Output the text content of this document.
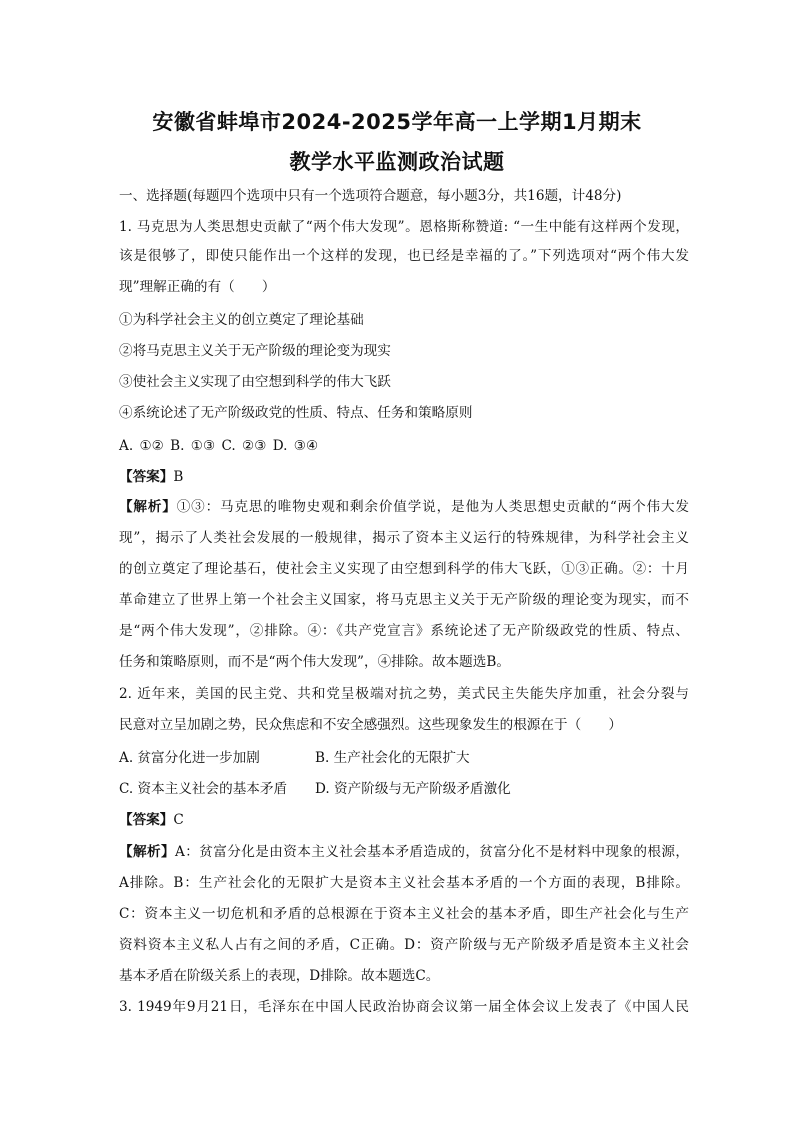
安徽省蚌埠市2024-2025学年高一上学期1月期末
教学水平监测政治试题
一、选择题(每题四个选项中只有一个选项符合题意，每小题3分，共16题，计48分)
1. 马克思为人类思想史贡献了“两个伟大发现”。恩格斯称赞道: “一生中能有这样两个发现，
该是很够了，即使只能作出一个这样的发现，也已经是幸福的了。”下列选项对“两个伟大发
现”理解正确的有（　　）
①为科学社会主义的创立奠定了理论基础
②将马克思主义关于无产阶级的理论变为现实
③使社会主义实现了由空想到科学的伟大飞跃
④系统论述了无产阶级政党的性质、特点、任务和策略原则
A. ①② B. ①③ C. ②③ D. ③④
【答案】B
【解析】①③：马克思的唯物史观和剩余价值学说，是他为人类思想史贡献的“两个伟大发
现”，揭示了人类社会发展的一般规律，揭示了资本主义运行的特殊规律，为科学社会主义
的创立奠定了理论基石，使社会主义实现了由空想到科学的伟大飞跃，①③正确。②：十月
革命建立了世界上第一个社会主义国家，将马克思主义关于无产阶级的理论变为现实，而不
是“两个伟大发现”，②排除。④：《共产党宣言》系统论述了无产阶级政党的性质、特点、
任务和策略原则，而不是“两个伟大发现”，④排除。故本题选B。
2. 近年来，美国的民主党、共和党呈极端对抗之势，美式民主失能失序加重，社会分裂与
民意对立呈加剧之势，民众焦虑和不安全感强烈。这些现象发生的根源在于（　　）
A. 贫富分化进一步加剧	B. 生产社会化的无限扩大
C. 资本主义社会的基本矛盾 D. 资产阶级与无产阶级矛盾激化
【答案】C
【解析】A：贫富分化是由资本主义社会基本矛盾造成的，贫富分化不是材料中现象的根源，
A排除。B：生产社会化的无限扩大是资本主义社会基本矛盾的一个方面的表现，B排除。
C：资本主义一切危机和矛盾的总根源在于资本主义社会的基本矛盾，即生产社会化与生产
资料资本主义私人占有之间的矛盾，C正确。D：资产阶级与无产阶级矛盾是资本主义社会
基本矛盾在阶级关系上的表现，D排除。故本题选C。
3. 1949年9月21日，毛泽东在中国人民政治协商会议第一届全体会议上发表了《中国人民
